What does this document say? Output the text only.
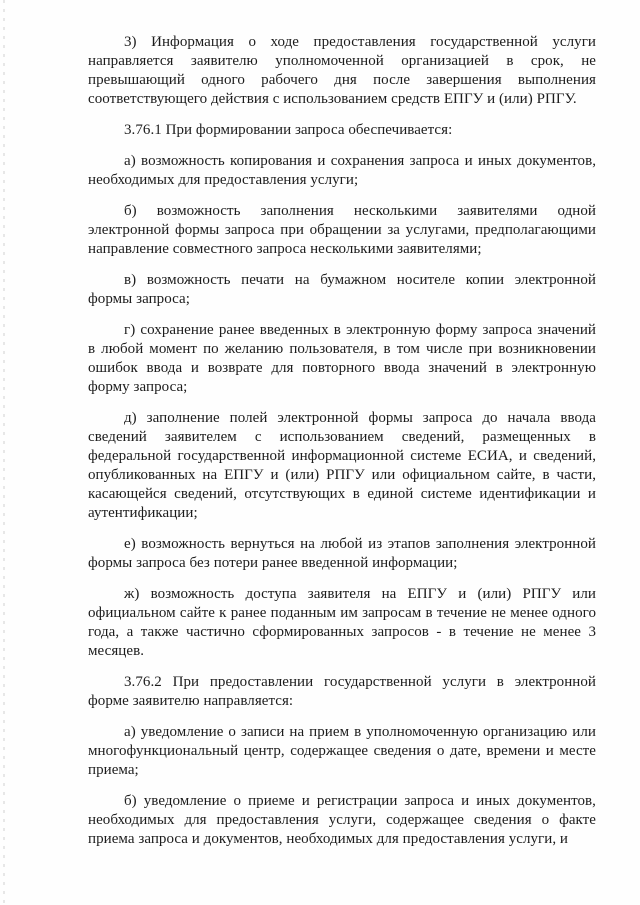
3) Информация о ходе предоставления государственной услуги направляется заявителю уполномоченной организацией в срок, не превышающий одного рабочего дня после завершения выполнения соответствующего действия с использованием средств ЕПГУ и (или) РПГУ.

3.76.1 При формировании запроса обеспечивается:

а) возможность копирования и сохранения запроса и иных документов, необходимых для предоставления услуги;

б) возможность заполнения несколькими заявителями одной электронной формы запроса при обращении за услугами, предполагающими направление совместного запроса несколькими заявителями;

в) возможность печати на бумажном носителе копии электронной формы запроса;

г) сохранение ранее введенных в электронную форму запроса значений в любой момент по желанию пользователя, в том числе при возникновении ошибок ввода и возврате для повторного ввода значений в электронную форму запроса;

д) заполнение полей электронной формы запроса до начала ввода сведений заявителем с использованием сведений, размещенных в федеральной государственной информационной системе ЕСИА, и сведений, опубликованных на ЕПГУ и (или) РПГУ или официальном сайте, в части, касающейся сведений, отсутствующих в единой системе идентификации и аутентификации;

е) возможность вернуться на любой из этапов заполнения электронной формы запроса без потери ранее введенной информации;

ж) возможность доступа заявителя на ЕПГУ и (или) РПГУ или официальном сайте к ранее поданным им запросам в течение не менее одного года, а также частично сформированных запросов - в течение не менее 3 месяцев.

3.76.2 При предоставлении государственной услуги в электронной форме заявителю направляется:

а) уведомление о записи на прием в уполномоченную организацию или многофункциональный центр, содержащее сведения о дате, времени и месте приема;

б) уведомление о приеме и регистрации запроса и иных документов, необходимых для предоставления услуги, содержащее сведения о факте приема запроса и документов, необходимых для предоставления услуги, и
